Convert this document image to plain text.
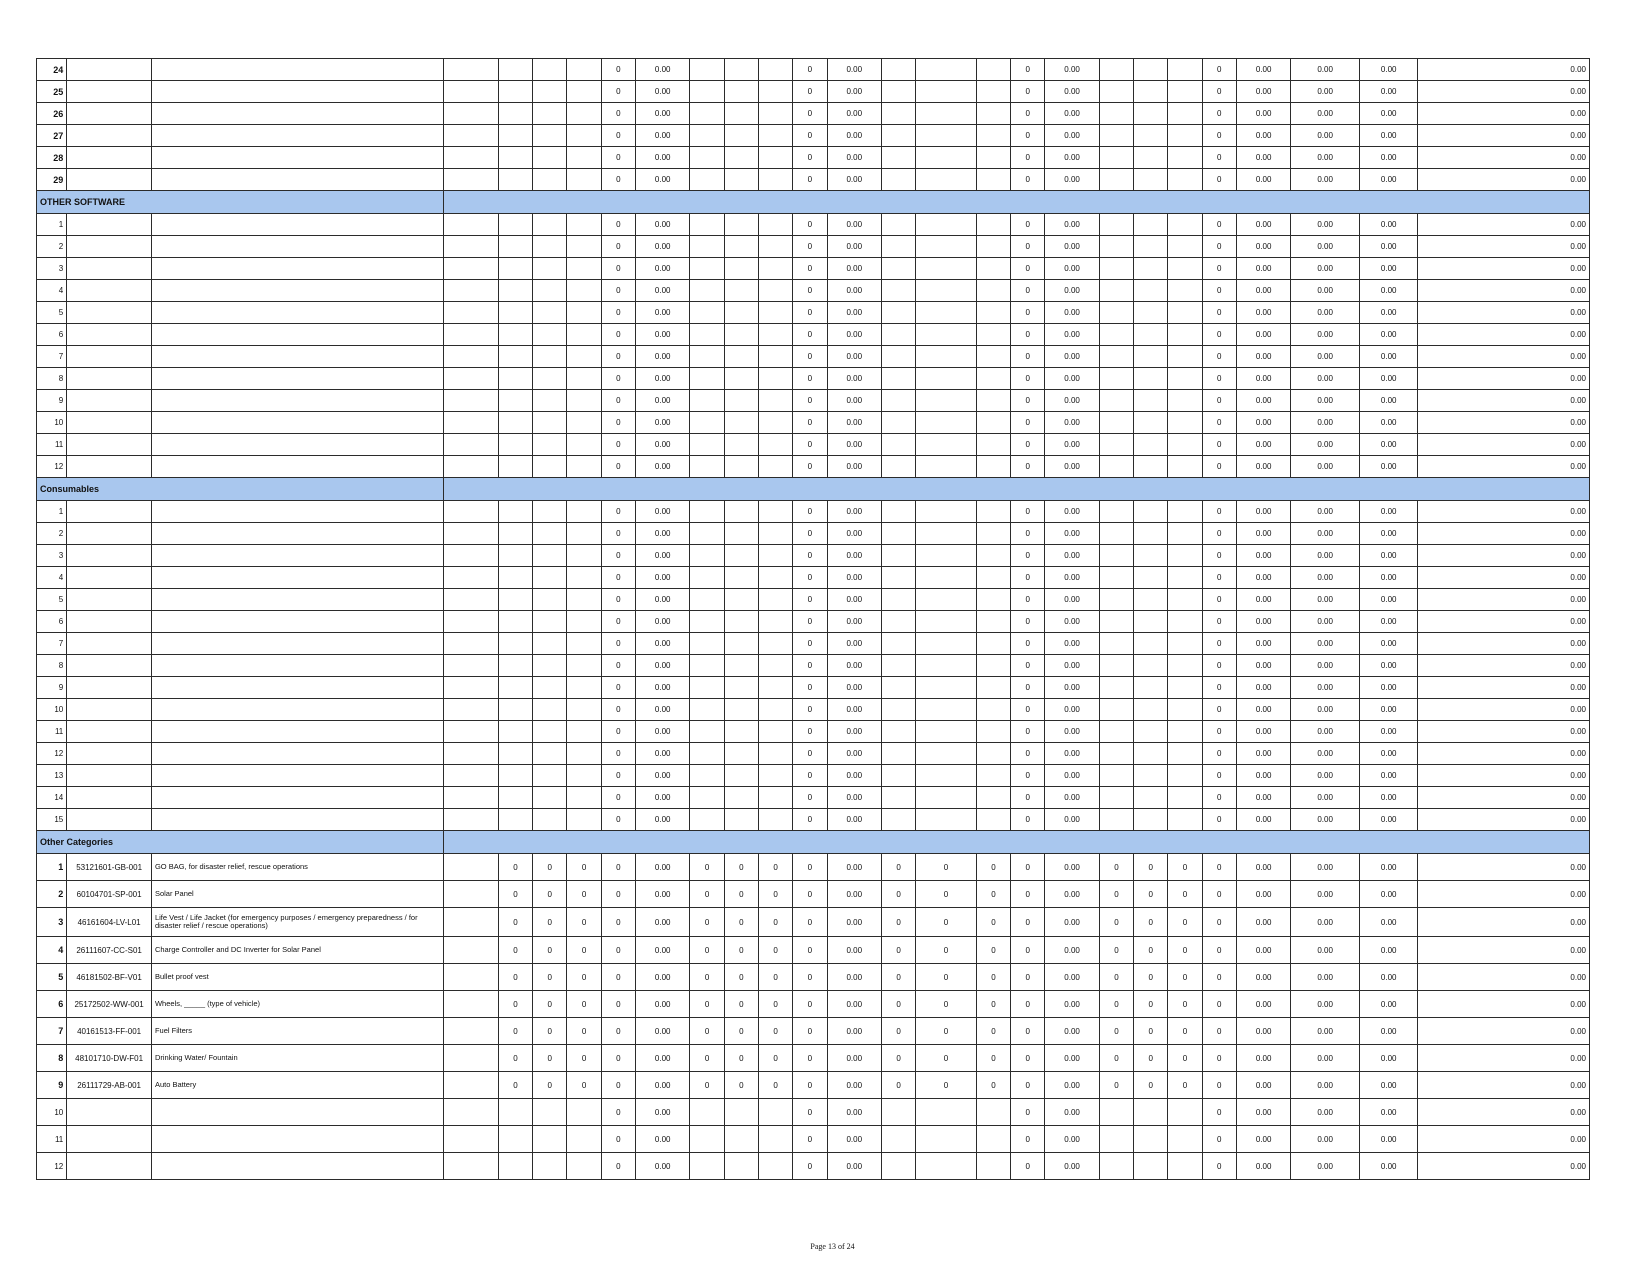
24							0	0.00				0	0.00				0	0.00				0	0.00	0.00	0.00	0.00
25							0	0.00				0	0.00				0	0.00				0	0.00	0.00	0.00	0.00
26							0	0.00				0	0.00				0	0.00				0	0.00	0.00	0.00	0.00
27							0	0.00				0	0.00				0	0.00				0	0.00	0.00	0.00	0.00
28							0	0.00				0	0.00				0	0.00				0	0.00	0.00	0.00	0.00
29							0	0.00				0	0.00				0	0.00				0	0.00	0.00	0.00	0.00
OTHER SOFTWARE																										
1							0	0.00				0	0.00				0	0.00				0	0.00	0.00	0.00	0.00
2							0	0.00				0	0.00				0	0.00				0	0.00	0.00	0.00	0.00
3							0	0.00				0	0.00				0	0.00				0	0.00	0.00	0.00	0.00
4							0	0.00				0	0.00				0	0.00				0	0.00	0.00	0.00	0.00
5							0	0.00				0	0.00				0	0.00				0	0.00	0.00	0.00	0.00
6							0	0.00				0	0.00				0	0.00				0	0.00	0.00	0.00	0.00
7							0	0.00				0	0.00				0	0.00				0	0.00	0.00	0.00	0.00
8							0	0.00				0	0.00				0	0.00				0	0.00	0.00	0.00	0.00
9							0	0.00				0	0.00				0	0.00				0	0.00	0.00	0.00	0.00
10							0	0.00				0	0.00				0	0.00				0	0.00	0.00	0.00	0.00
11							0	0.00				0	0.00				0	0.00				0	0.00	0.00	0.00	0.00
12							0	0.00				0	0.00				0	0.00				0	0.00	0.00	0.00	0.00
Consumables																										
1							0	0.00				0	0.00				0	0.00				0	0.00	0.00	0.00	0.00
2							0	0.00				0	0.00				0	0.00				0	0.00	0.00	0.00	0.00
3							0	0.00				0	0.00				0	0.00				0	0.00	0.00	0.00	0.00
4							0	0.00				0	0.00				0	0.00				0	0.00	0.00	0.00	0.00
5							0	0.00				0	0.00				0	0.00				0	0.00	0.00	0.00	0.00
6							0	0.00				0	0.00				0	0.00				0	0.00	0.00	0.00	0.00
7							0	0.00				0	0.00				0	0.00				0	0.00	0.00	0.00	0.00
8							0	0.00				0	0.00				0	0.00				0	0.00	0.00	0.00	0.00
9							0	0.00				0	0.00				0	0.00				0	0.00	0.00	0.00	0.00
10							0	0.00				0	0.00				0	0.00				0	0.00	0.00	0.00	0.00
11							0	0.00				0	0.00				0	0.00				0	0.00	0.00	0.00	0.00
12							0	0.00				0	0.00				0	0.00				0	0.00	0.00	0.00	0.00
13							0	0.00				0	0.00				0	0.00				0	0.00	0.00	0.00	0.00
14							0	0.00				0	0.00				0	0.00				0	0.00	0.00	0.00	0.00
15							0	0.00				0	0.00				0	0.00				0	0.00	0.00	0.00	0.00
Other Categories																										
1	53121601-GB-001	GO BAG, for disaster relief, rescue operations		0	0	0	0	0.00	0	0	0	0	0.00	0	0	0	0	0.00	0	0	0	0	0.00	0.00	0.00	0.00
2	60104701-SP-001	Solar Panel		0	0	0	0	0.00	0	0	0	0	0.00	0	0	0	0	0.00	0	0	0	0	0.00	0.00	0.00	0.00
3	46161604-LV-L01	Life Vest / Life Jacket (for emergency purposes / emergency preparedness / for disaster relief / rescue operations)		0	0	0	0	0.00	0	0	0	0	0.00	0	0	0	0	0.00	0	0	0	0	0.00	0.00	0.00	0.00
4	26111607-CC-S01	Charge Controller and DC Inverter for Solar Panel		0	0	0	0	0.00	0	0	0	0	0.00	0	0	0	0	0.00	0	0	0	0	0.00	0.00	0.00	0.00
5	46181502-BF-V01	Bullet proof vest		0	0	0	0	0.00	0	0	0	0	0.00	0	0	0	0	0.00	0	0	0	0	0.00	0.00	0.00	0.00
6	25172502-WW-001	Wheels, _____ (type of vehicle)		0	0	0	0	0.00	0	0	0	0	0.00	0	0	0	0	0.00	0	0	0	0	0.00	0.00	0.00	0.00
7	40161513-FF-001	Fuel Filters		0	0	0	0	0.00	0	0	0	0	0.00	0	0	0	0	0.00	0	0	0	0	0.00	0.00	0.00	0.00
8	48101710-DW-F01	Drinking Water/ Fountain		0	0	0	0	0.00	0	0	0	0	0.00	0	0	0	0	0.00	0	0	0	0	0.00	0.00	0.00	0.00
9	26111729-AB-001	Auto Battery		0	0	0	0	0.00	0	0	0	0	0.00	0	0	0	0	0.00	0	0	0	0	0.00	0.00	0.00	0.00
10							0	0.00				0	0.00				0	0.00				0	0.00	0.00	0.00	0.00
11							0	0.00				0	0.00				0	0.00				0	0.00	0.00	0.00	0.00
12							0	0.00				0	0.00				0	0.00				0	0.00	0.00	0.00	0.00
Page 13 of 24
